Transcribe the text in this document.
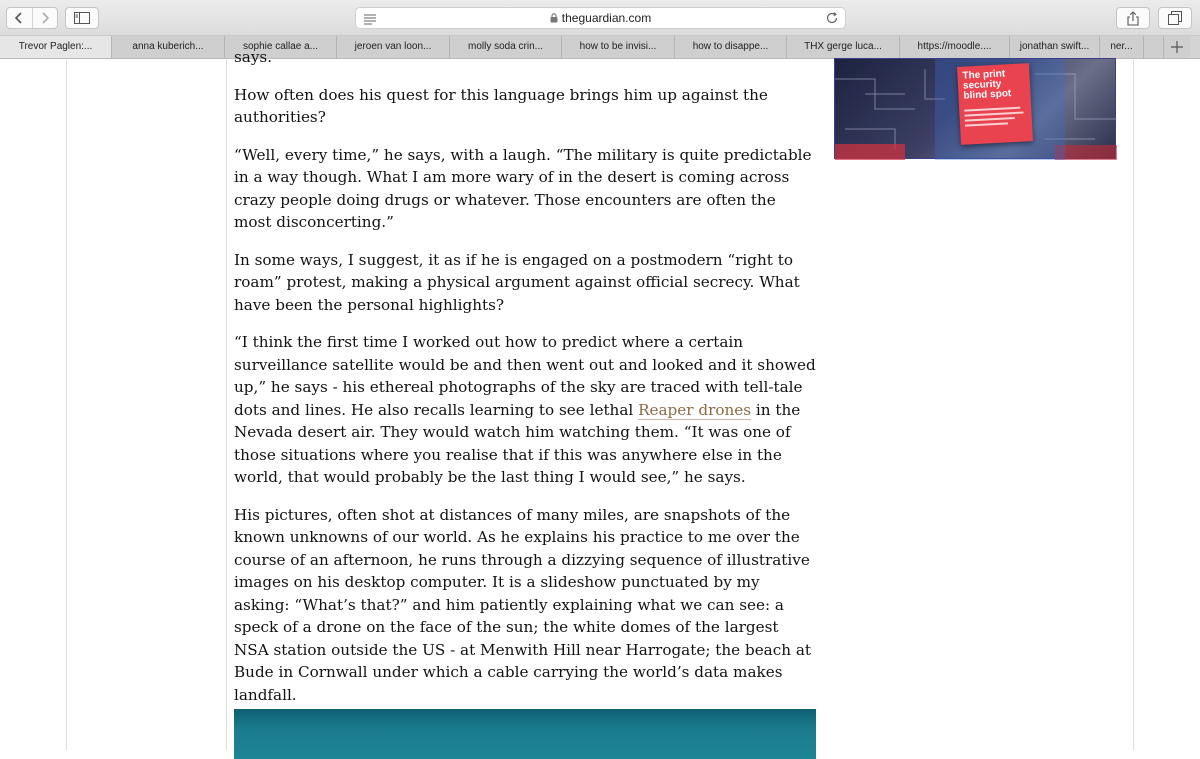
theguardian.com
Trevor Paglen:...	anna kuberich...	sophie callae a...	jeroen van loon...	molly soda crin...	how to be invisi...	how to disappe...	THX gerge luca...	https://moodle....	jonathan swift...	ner...

says.

How often does his quest for this language brings him up against the authorities?

“Well, every time,” he says, with a laugh. “The military is quite predictable in a way though. What I am more wary of in the desert is coming across crazy people doing drugs or whatever. Those encounters are often the most disconcerting.”

In some ways, I suggest, it as if he is engaged on a postmodern “right to roam” protest, making a physical argument against official secrecy. What have been the personal highlights?

“I think the first time I worked out how to predict where a certain surveillance satellite would be and then went out and looked and it showed up,” he says - his ethereal photographs of the sky are traced with tell-tale dots and lines. He also recalls learning to see lethal Reaper drones in the Nevada desert air. They would watch him watching them. “It was one of those situations where you realise that if this was anywhere else in the world, that would probably be the last thing I would see,” he says.

His pictures, often shot at distances of many miles, are snapshots of the known unknowns of our world. As he explains his practice to me over the course of an afternoon, he runs through a dizzying sequence of illustrative images on his desktop computer. It is a slideshow punctuated by my asking: “What’s that?” and him patiently explaining what we can see: a speck of a drone on the face of the sun; the white domes of the largest NSA station outside the US - at Menwith Hill near Harrogate; the beach at Bude in Cornwall under which a cable carrying the world’s data makes landfall.

The print security blind spot
